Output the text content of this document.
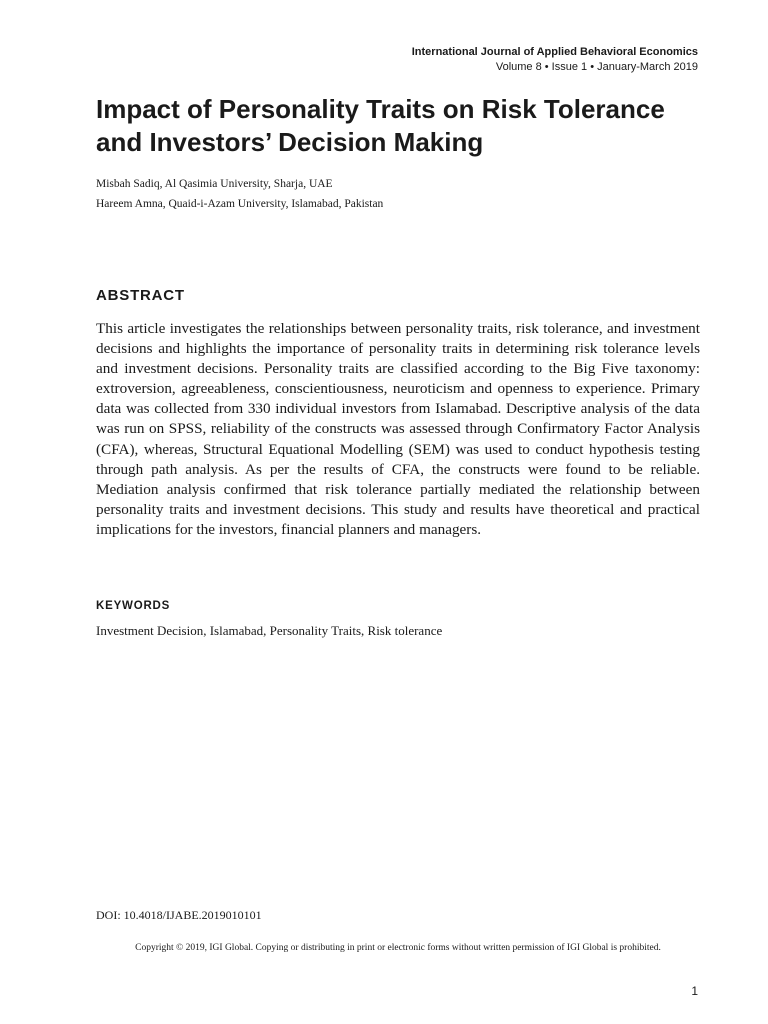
International Journal of Applied Behavioral Economics
Volume 8 • Issue 1 • January-March 2019
Impact of Personality Traits on Risk Tolerance and Investors’ Decision Making
Misbah Sadiq, Al Qasimia University, Sharja, UAE
Hareem Amna, Quaid-i-Azam University, Islamabad, Pakistan
ABSTRACT

This article investigates the relationships between personality traits, risk tolerance, and investment decisions and highlights the importance of personality traits in determining risk tolerance levels and investment decisions. Personality traits are classified according to the Big Five taxonomy: extroversion, agreeableness, conscientiousness, neuroticism and openness to experience. Primary data was collected from 330 individual investors from Islamabad. Descriptive analysis of the data was run on SPSS, reliability of the constructs was assessed through Confirmatory Factor Analysis (CFA), whereas, Structural Equational Modelling (SEM) was used to conduct hypothesis testing through path analysis. As per the results of CFA, the constructs were found to be reliable. Mediation analysis confirmed that risk tolerance partially mediated the relationship between personality traits and investment decisions. This study and results have theoretical and practical implications for the investors, financial planners and managers.

KEYWORDS
Investment Decision, Islamabad, Personality Traits, Risk tolerance
DOI: 10.4018/IJABE.2019010101
Copyright © 2019, IGI Global. Copying or distributing in print or electronic forms without written permission of IGI Global is prohibited.
1
